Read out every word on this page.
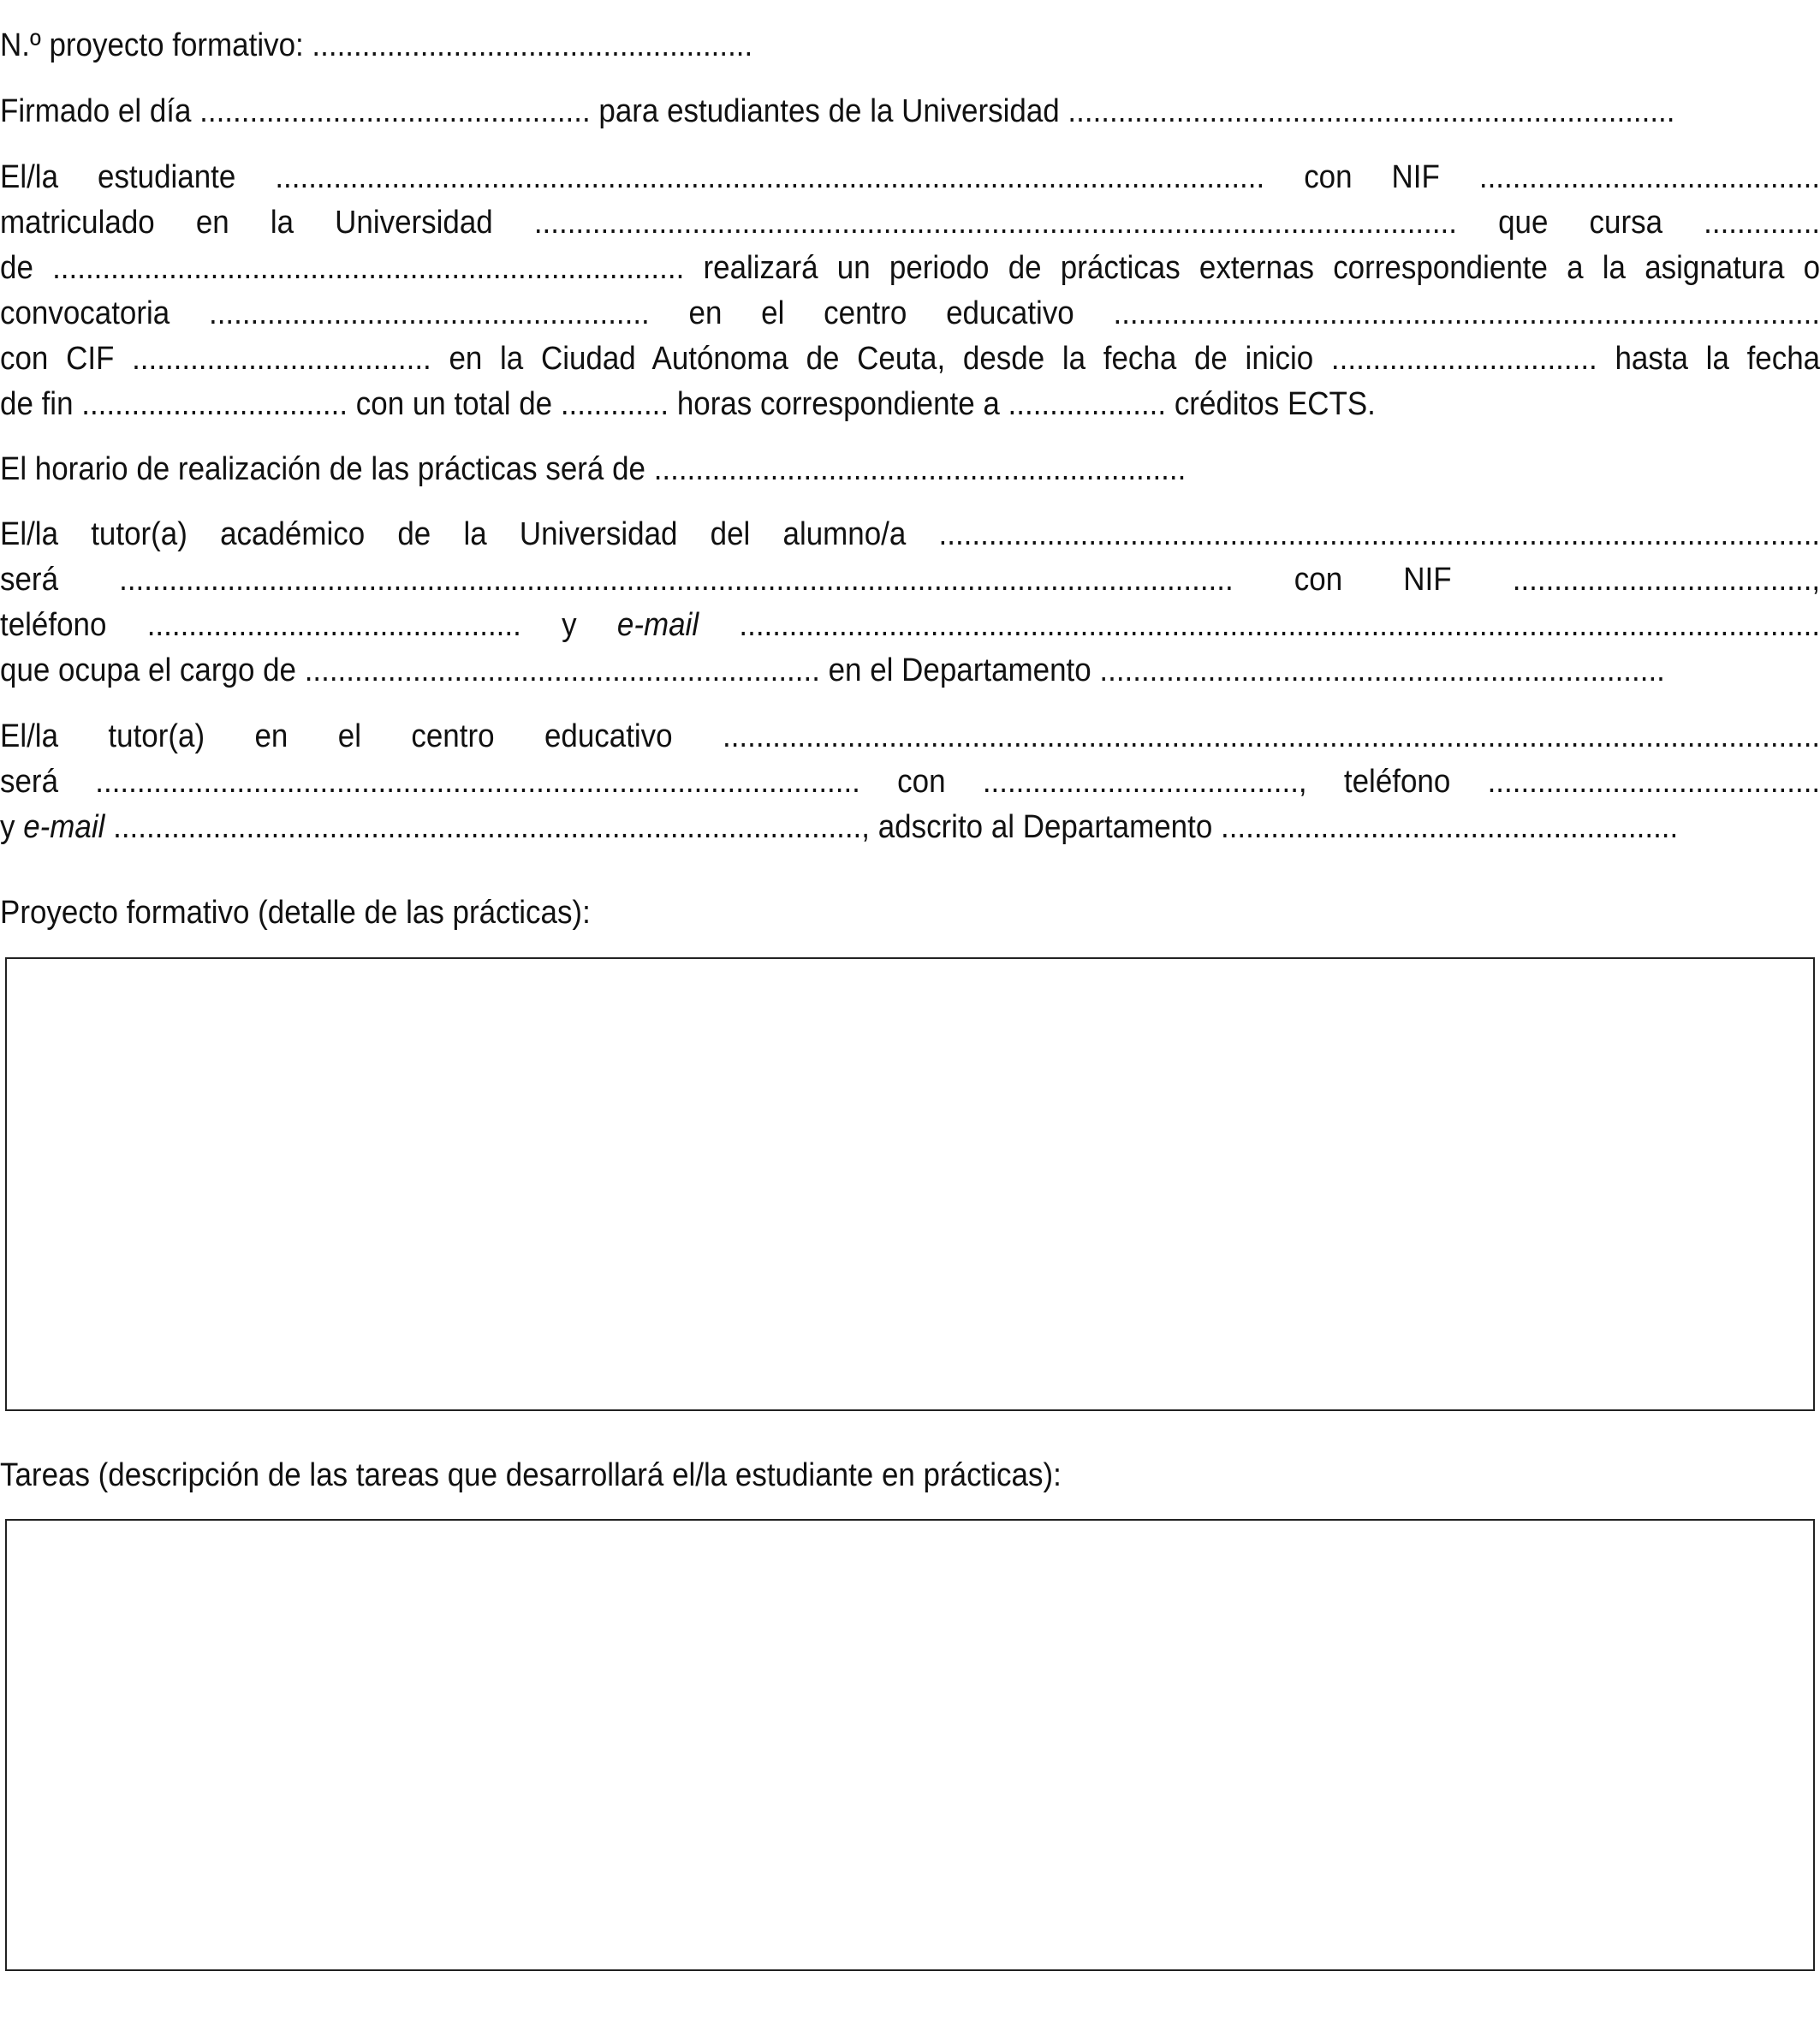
N.º proyecto formativo: .....................................................
Firmado el día ............................................... para estudiantes de la Universidad .........................................................................
El/la estudiante ....................................................................................................................... con NIF .........................................
matriculado en la Universidad ............................................................................................................... que cursa ..............
de ............................................................................ realizará un periodo de prácticas externas correspondiente a la asignatura o
convocatoria ..................................................... en el centro educativo .....................................................................................
con CIF .................................... en la Ciudad Autónoma de Ceuta, desde la fecha de inicio ................................ hasta la fecha
de fin ................................ con un total de ............. horas correspondiente a ................... créditos ECTS.
El horario de realización de las prácticas será de ................................................................
El/la tutor(a) académico de la Universidad del alumno/a ..........................................................................................................
será ...................................................................................................................................... con NIF ....................................,
teléfono ............................................. y e-mail ..................................................................................................................................
que ocupa el cargo de .............................................................. en el Departamento ....................................................................
El/la tutor(a) en el centro educativo ....................................................................................................................................
será ............................................................................................ con ......................................, teléfono ........................................
y e-mail .........................................................................................., adscrito al Departamento .......................................................
Proyecto formativo (detalle de las prácticas):
Tareas (descripción de las tareas que desarrollará el/la estudiante en prácticas):
